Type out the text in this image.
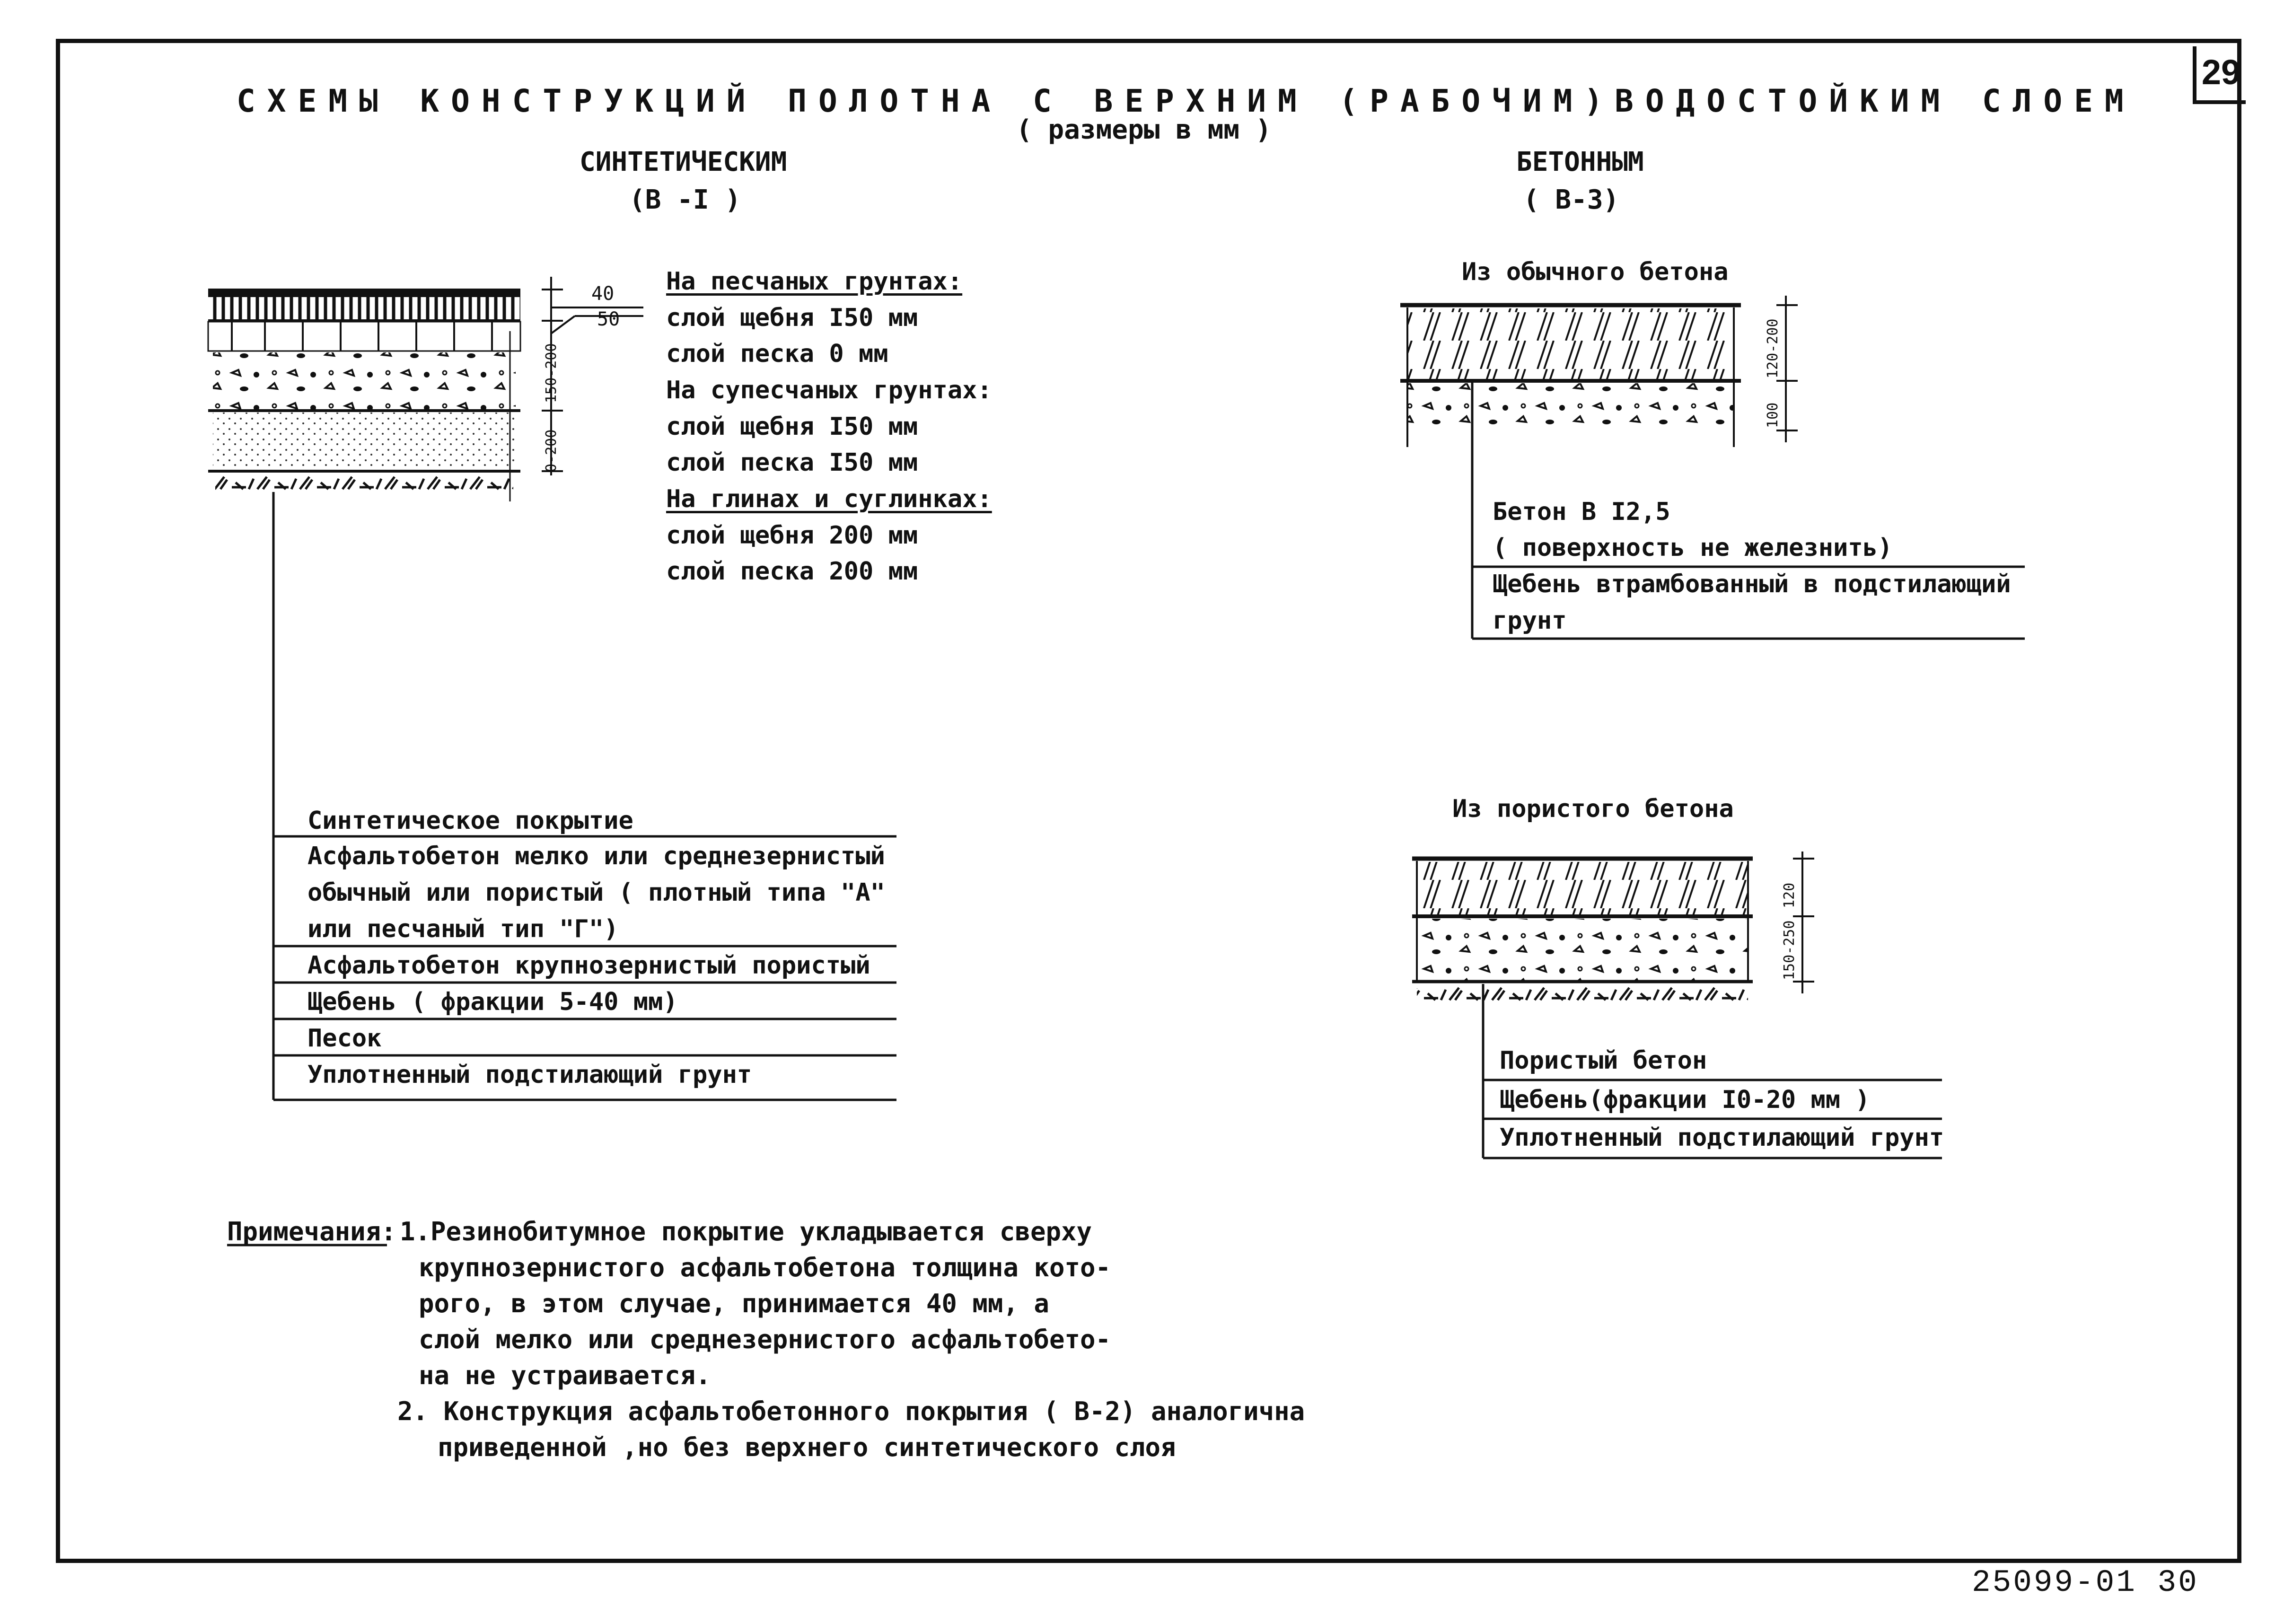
29
СХЕМЫ КОНСТРУКЦИЙ ПОЛОТНА С ВЕРХНИМ (РАБОЧИМ)ВОДОСТОЙКИМ СЛОЕМ
( размеры в мм )
СИНТЕТИЧЕСКИМ
(В -I )
БЕТОННЫМ
( В-3)
40
50
150-200
0-200
На песчаных грунтах:
слой щебня I50 мм
слой песка 0 мм
На супесчаных грунтах:
слой щебня I50 мм
слой песка I50 мм
На глинах и суглинках:
слой щебня 200 мм
слой песка 200 мм
Синтетическое покрытие
Асфальтобетон мелко или среднезернистый
обычный или пористый ( плотный типа "А"
или песчаный тип "Г")
Асфальтобетон крупнозернистый пористый
Щебень ( фракции 5-40 мм)
Песок
Уплотненный подстилающий грунт
Из обычного бетона
120-200
100
Бетон В I2,5
( поверхность не железнить)
Щебень втрамбованный в подстилающий
грунт
Из пористого бетона
120
150-250
Пористый бетон
Щебень(фракции I0-20 мм )
Уплотненный подстилающий грунт
Примечания: 1.Резинобитумное покрытие укладывается сверху
крупнозернистого асфальтобетона толщина кото-
рого, в этом случае, принимается 40 мм, а
слой мелко или среднезернистого асфальтобето-
на не устраивается.
2. Конструкция асфальтобетонного покрытия ( В-2) аналогична
приведенной ,но без верхнего синтетического слоя
25099-01 30
